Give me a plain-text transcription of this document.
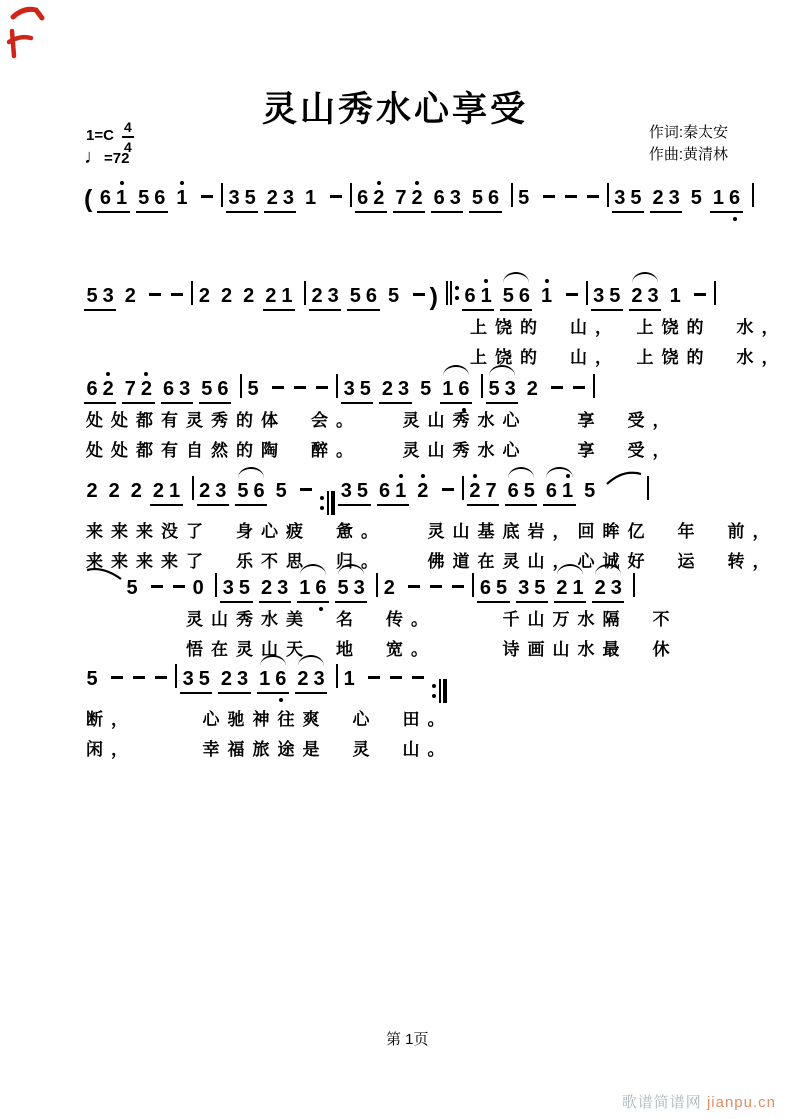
灵山秀水心享受
1=C 4
4
♩=72
作词:秦太安
作曲:黄清林
( 6 1 5 6 1 3 5 2 3 1 6 2 7 2 6 3 5 6 5	3 5 2 3 5 1 6
5 3 2	2 2 2 2 1 2 3 5 6 5 ) 6 1 5 6 1 3 5 2 3 1
上饶的　山，　上饶的　水，
上饶的　山，　上饶的　水，
6 2 7 2 6 3 5 6 5	3 5 2 3 5 1 6 5 3 2
处处都有灵秀的体　会。　　灵山秀水心　　享　受，
处处都有自然的陶　醉。　　灵山秀水心　　享　受，
2 2 2 2 1 2 3 5 6 5	3 5 6 1 2 2 7 6 5 6 1 5
来来来没了　身心疲　惫。　　灵山基底岩，回眸亿　年　前，
来来来来了　乐不思　归。　　佛道在灵山，心诚好　运　转，
5	0 3 5 2 3 1 6 5 3 2	6 5 3 5 2 1 2 3
灵山秀水美　名　传。　　　千山万水隔　不
悟在灵山天　地　宽。　　　诗画山水最　休
5	3 5 2 3 1 6 2 3 1
断，　　　心驰神往爽　心　田。
闲，　　　幸福旅途是　灵　山。
第 1页
歌谱简谱网 jianpu.cn
